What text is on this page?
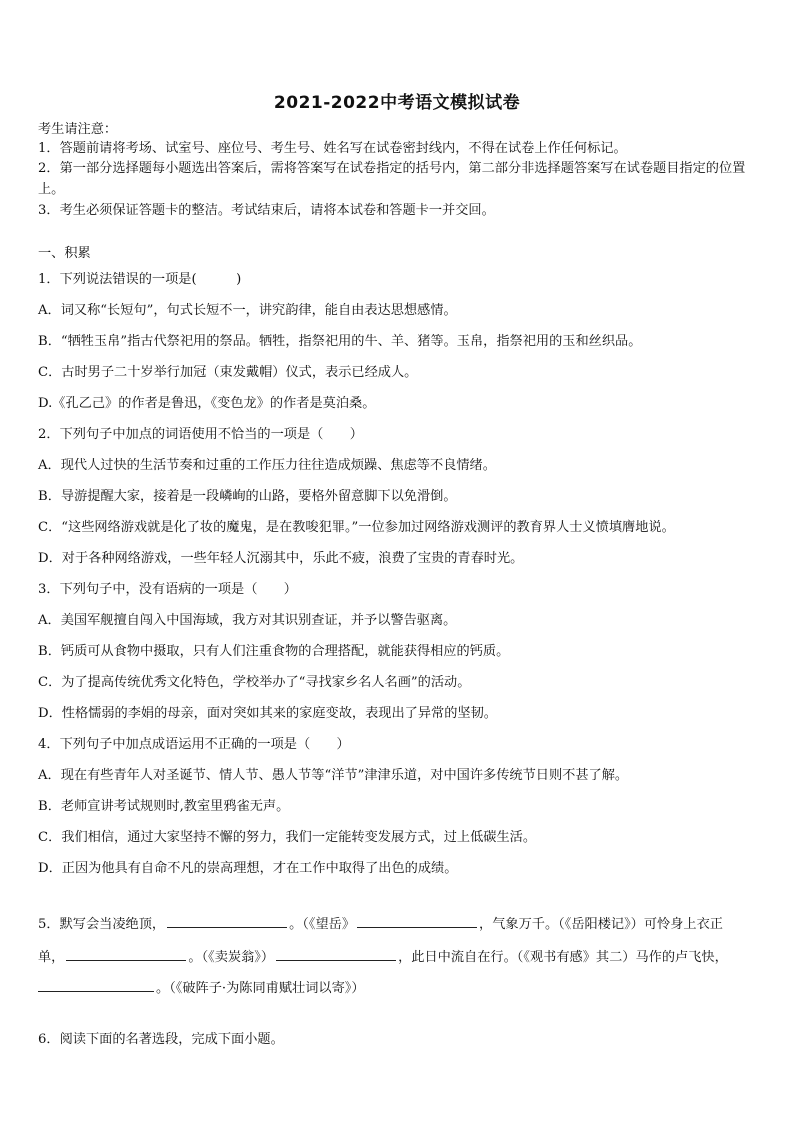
2021-2022中考语文模拟试卷
考生请注意：
1．答题前请将考场、试室号、座位号、考生号、姓名写在试卷密封线内，不得在试卷上作任何标记。
2．第一部分选择题每小题选出答案后，需将答案写在试卷指定的括号内，第二部分非选择题答案写在试卷题目指定的位置上。
3．考生必须保证答题卡的整洁。考试结束后，请将本试卷和答题卡一并交回。
一、积累
1．下列说法错误的一项是(　　　)
A．词又称“长短句”，句式长短不一，讲究韵律，能自由表达思想感情。
B．“牺牲玉帛”指古代祭祀用的祭品。牺牲，指祭祀用的牛、羊、猪等。玉帛，指祭祀用的玉和丝织品。
C．古时男子二十岁举行加冠（束发戴帽）仪式，表示已经成人。
D.《孔乙己》的作者是鲁迅，《变色龙》的作者是莫泊桑。
2．下列句子中加点的词语使用不恰当的一项是（　　）
A．现代人过快的生活节奏和过重的工作压力往往造成烦躁、焦虑等不良情绪。
B．导游提醒大家，接着是一段嶙峋的山路，要格外留意脚下以免滑倒。
C．“这些网络游戏就是化了妆的魔鬼，是在教唆犯罪。”一位参加过网络游戏测评的教育界人士义愤填膺地说。
D．对于各种网络游戏，一些年轻人沉溺其中，乐此不疲，浪费了宝贵的青春时光。
3．下列句子中，没有语病的一项是（　　）
A．美国军舰擅自闯入中国海域，我方对其识别查证，并予以警告驱离。
B．钙质可从食物中摄取，只有人们注重食物的合理搭配，就能获得相应的钙质。
C．为了提高传统优秀文化特色，学校举办了“寻找家乡名人名画”的活动。
D．性格懦弱的李娟的母亲，面对突如其来的家庭变故，表现出了异常的坚韧。
4．下列句子中加点成语运用不正确的一项是（　　）
A．现在有些青年人对圣诞节、情人节、愚人节等“洋节”津津乐道，对中国许多传统节日则不甚了解。
B．老师宣讲考试规则时,教室里鸦雀无声。
C．我们相信，通过大家坚持不懈的努力，我们一定能转变发展方式，过上低碳生活。
D．正因为他具有自命不凡的崇高理想，才在工作中取得了出色的成绩。
5．默写会当凌绝顶，	。（《望岳》	，气象万千。（《岳阳楼记》）可怜身上衣正
单，	。（《卖炭翁》）	，此日中流自在行。（《观书有感》其二）马作的卢飞快，
。（《破阵子·为陈同甫赋壮词以寄》）
6．阅读下面的名著选段，完成下面小题。
